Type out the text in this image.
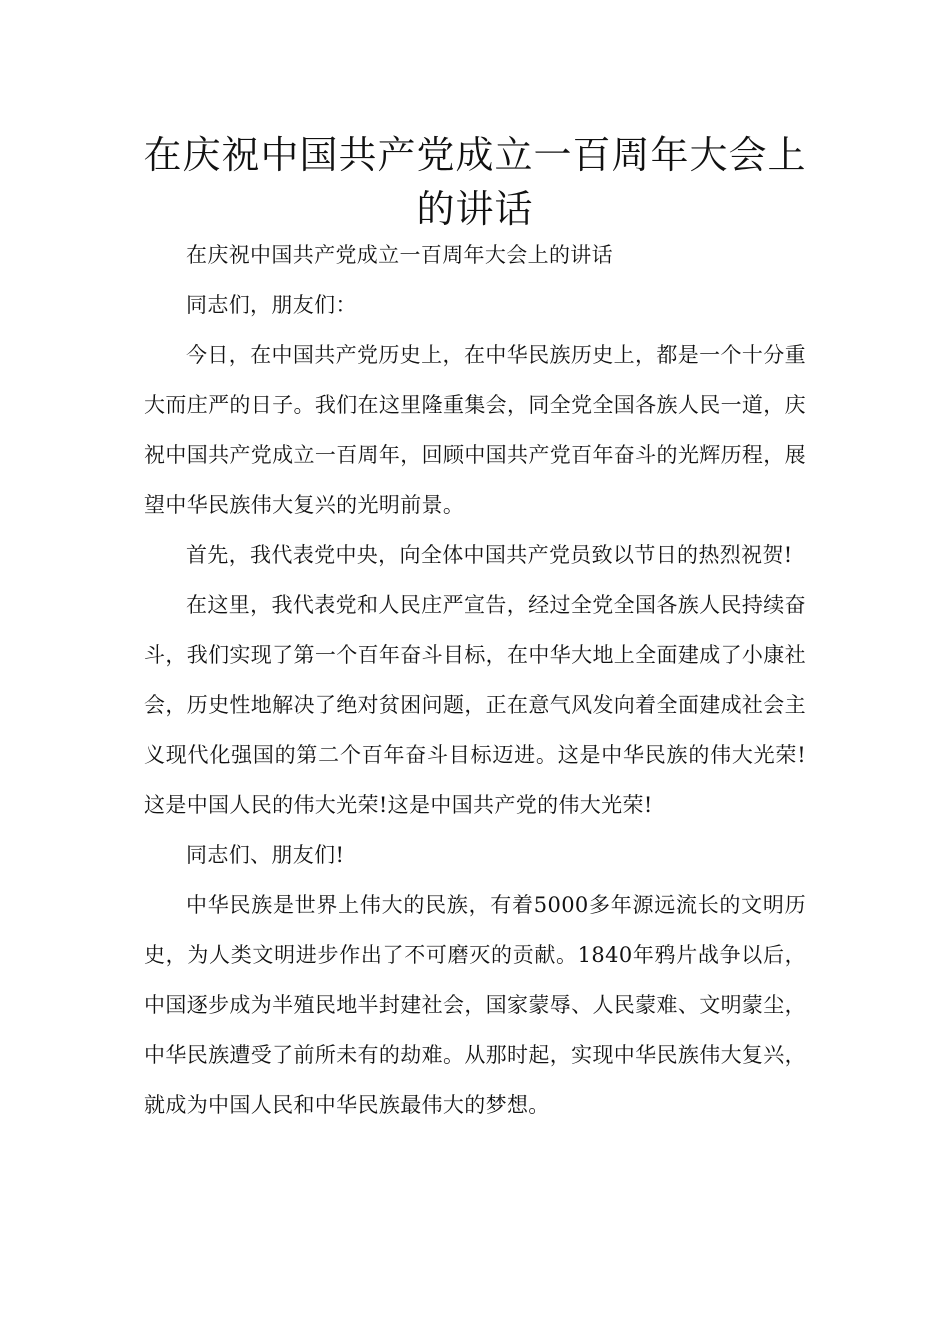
在庆祝中国共产党成立一百周年大会上的讲话

在庆祝中国共产党成立一百周年大会上的讲话

同志们，朋友们：

今日，在中国共产党历史上，在中华民族历史上，都是一个十分重大而庄严的日子。我们在这里隆重集会，同全党全国各族人民一道，庆祝中国共产党成立一百周年，回顾中国共产党百年奋斗的光辉历程，展望中华民族伟大复兴的光明前景。

首先，我代表党中央，向全体中国共产党员致以节日的热烈祝贺!

在这里，我代表党和人民庄严宣告，经过全党全国各族人民持续奋斗，我们实现了第一个百年奋斗目标，在中华大地上全面建成了小康社会，历史性地解决了绝对贫困问题，正在意气风发向着全面建成社会主义现代化强国的第二个百年奋斗目标迈进。这是中华民族的伟大光荣!这是中国人民的伟大光荣!这是中国共产党的伟大光荣!

同志们、朋友们!

中华民族是世界上伟大的民族，有着5000多年源远流长的文明历史，为人类文明进步作出了不可磨灭的贡献。1840年鸦片战争以后，中国逐步成为半殖民地半封建社会，国家蒙辱、人民蒙难、文明蒙尘，中华民族遭受了前所未有的劫难。从那时起，实现中华民族伟大复兴，就成为中国人民和中华民族最伟大的梦想。
